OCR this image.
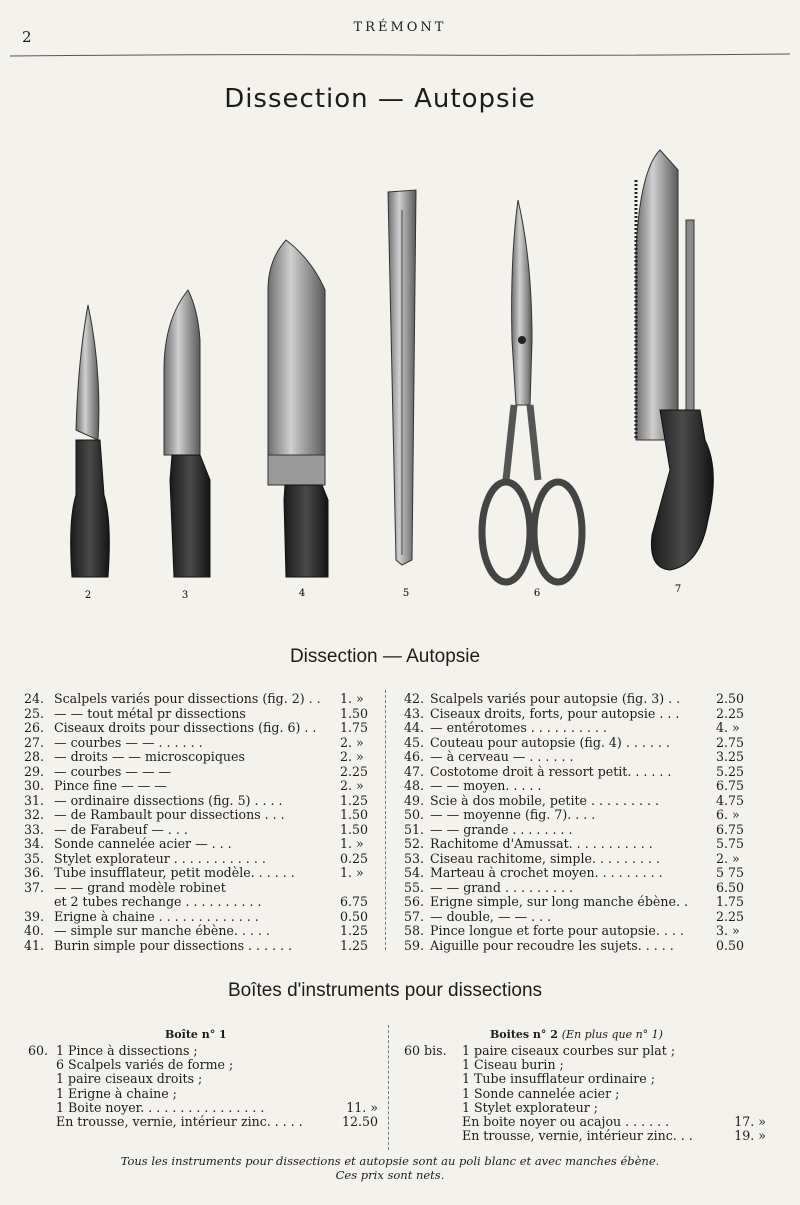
2
TRÉMONT
Dissection — Autopsie
2	3	4	5	6	7
Dissection — Autopsie
24. Scalpels variés pour dissections (fig. 2) . . 1. »
25. — — tout métal pr dissections	1.50
26. Ciseaux droits pour dissections (fig. 6) . . 1.75
27. — courbes — — . . . . . .	2. »
28. — droits — — microscopiques	2. »
29. — courbes — — —	2.25
30. Pince fine — — —	2. »
31. — ordinaire dissections (fig. 5) . . . .	1.25
32. — de Rambault pour dissections . . .	1.50
33. — de Farabeuf — . . .	1.50
34. Sonde cannelée acier — . . .	1. »
35. Stylet explorateur . . . . . . . . . . . .	0.25
36. Tube insufflateur, petit modèle. . . . . .	1. »
37. — — grand modèle robinet
et 2 tubes rechange . . . . . . . . . .	6.75
39. Erigne à chaine . . . . . . . . . . . . .	0.50
40. — simple sur manche ébène. . . . .	1.25
41. Burin simple pour dissections . . . . . .	1.25
42. Scalpels variés pour autopsie (fig. 3) . .	2.50
43. Ciseaux droits, forts, pour autopsie . . .	2.25
44. — entérotomes . . . . . . . . . .	4. »
45. Couteau pour autopsie (fig. 4) . . . . . .	2.75
46. — à cerveau — . . . . . .	3.25
47. Costotome droit à ressort petit. . . . . .	5.25
48. — — moyen. . . . .	6.75
49. Scie à dos mobile, petite . . . . . . . . .	4.75
50. — — moyenne (fig. 7). . . .	6. »
51. — — grande . . . . . . . .	6.75
52. Rachitome d'Amussat. . . . . . . . . . .	5.75
53. Ciseau rachitome, simple. . . . . . . . .	2. »
54. Marteau à crochet moyen. . . . . . . . .	5 75
55. — — grand . . . . . . . . .	6.50
56. Erigne simple, sur long manche ébène. . 1.75
57. — double, — — . . .	2.25
58. Pince longue et forte pour autopsie. . . .	3. »
59. Aiguille pour recoudre les sujets. . . . .	0.50
Boîtes d'instruments pour dissections
Boîte n° 1	Boites n° 2 (En plus que n° 1)
60. 1 Pince à dissections ;
6 Scalpels variés de forme ;
1 paire ciseaux droits ;
1 Erigne à chaine ;
1 Boite noyer. . . . . . . . . . . . . . . .	11. »
En trousse, vernie, intérieur zinc. . . . .	12.50
60 bis. 1 paire ciseaux courbes sur plat ;
1 Ciseau burin ;
1 Tube insufflateur ordinaire ;
1 Sonde cannelée acier ;
1 Stylet explorateur ;
En boite noyer ou acajou . . . . . .	17. »
En trousse, vernie, intérieur zinc. . .	19. »
Tous les instruments pour dissections et autopsie sont au poli blanc et avec manches ébène.
Ces prix sont nets.
